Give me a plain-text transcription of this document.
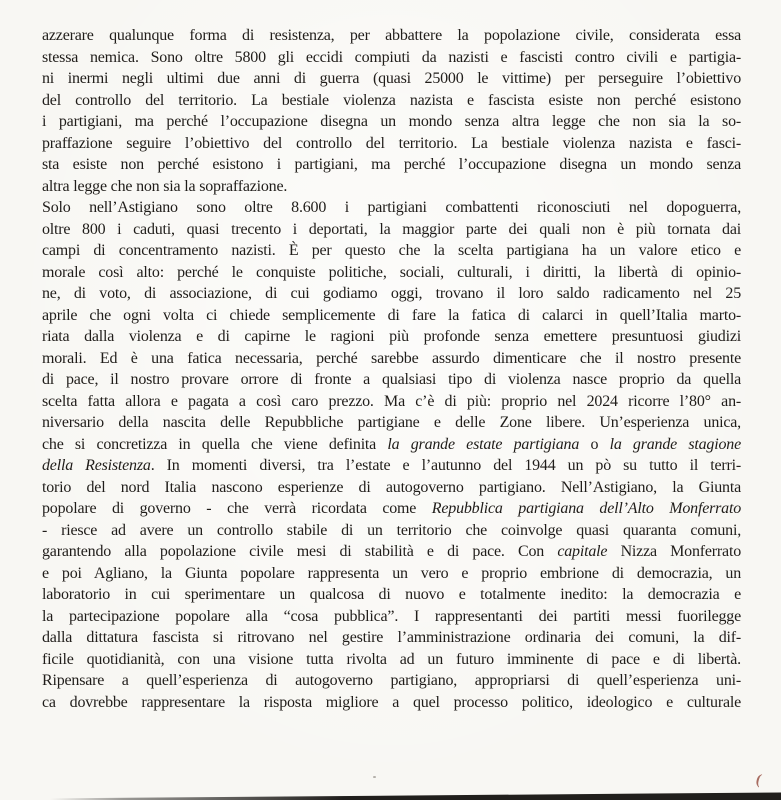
azzerare qualunque forma di resistenza, per abbattere la popolazione civile, considerata essa
stessa nemica. Sono oltre 5800 gli eccidi compiuti da nazisti e fascisti contro civili e partigia-
ni inermi negli ultimi due anni di guerra (quasi 25000 le vittime) per perseguire l’obiettivo
del controllo del territorio. La bestiale violenza nazista e fascista esiste non perché esistono
i partigiani, ma perché l’occupazione disegna un mondo senza altra legge che non sia la so-
praffazione seguire l’obiettivo del controllo del territorio. La bestiale violenza nazista e fasci-
sta esiste non perché esistono i partigiani, ma perché l’occupazione disegna un mondo senza
altra legge che non sia la sopraffazione.
Solo nell’Astigiano sono oltre 8.600 i partigiani combattenti riconosciuti nel dopoguerra,
oltre 800 i caduti, quasi trecento i deportati, la maggior parte dei quali non è più tornata dai
campi di concentramento nazisti. È per questo che la scelta partigiana ha un valore etico e
morale così alto: perché le conquiste politiche, sociali, culturali, i diritti, la libertà di opinio-
ne, di voto, di associazione, di cui godiamo oggi, trovano il loro saldo radicamento nel 25
aprile che ogni volta ci chiede semplicemente di fare la fatica di calarci in quell’Italia marto-
riata dalla violenza e di capirne le ragioni più profonde senza emettere presuntuosi giudizi
morali. Ed è una fatica necessaria, perché sarebbe assurdo dimenticare che il nostro presente
di pace, il nostro provare orrore di fronte a qualsiasi tipo di violenza nasce proprio da quella
scelta fatta allora e pagata a così caro prezzo. Ma c’è di più: proprio nel 2024 ricorre l’80° an-
niversario della nascita delle Repubbliche partigiane e delle Zone libere. Un’esperienza unica,
che si concretizza in quella che viene definita la grande estate partigiana o la grande stagione
della Resistenza. In momenti diversi, tra l’estate e l’autunno del 1944 un pò su tutto il terri-
torio del nord Italia nascono esperienze di autogoverno partigiano. Nell’Astigiano, la Giunta
popolare di governo - che verrà ricordata come Repubblica partigiana dell’Alto Monferrato
- riesce ad avere un controllo stabile di un territorio che coinvolge quasi quaranta comuni,
garantendo alla popolazione civile mesi di stabilità e di pace. Con capitale Nizza Monferrato
e poi Agliano, la Giunta popolare rappresenta un vero e proprio embrione di democrazia, un
laboratorio in cui sperimentare un qualcosa di nuovo e totalmente inedito: la democrazia e
la partecipazione popolare alla “cosa pubblica”. I rappresentanti dei partiti messi fuorilegge
dalla dittatura fascista si ritrovano nel gestire l’amministrazione ordinaria dei comuni, la dif-
ficile quotidianità, con una visione tutta rivolta ad un futuro imminente di pace e di libertà.
Ripensare a quell’esperienza di autogoverno partigiano, appropriarsi di quell’esperienza uni-
ca dovrebbe rappresentare la risposta migliore a quel processo politico, ideologico e culturale
(
